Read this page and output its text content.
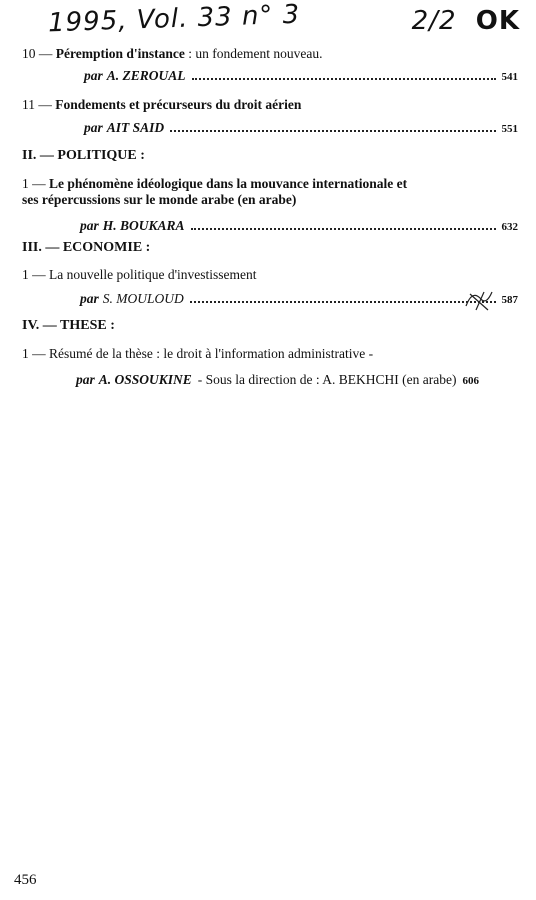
1995, Vol. 33 n° 3	2/2 OK
10 — Péremption d'instance : un fondement nouveau.
par A. ZEROUAL	541
11 — Fondements et précurseurs du droit aérien
par AIT SAID	551
II. — POLITIQUE :
1 — Le phénomène idéologique dans la mouvance internationale et
ses répercussions sur le monde arabe (en arabe)
par H. BOUKARA	632
III. — ECONOMIE :
1 — La nouvelle politique d'investissement
par S. MOULOUD	587
IV. — THESE :
1 — Résumé de la thèse : le droit à l'information administrative -
par A. OSSOUKINE - Sous la direction de : A. BEKHCHI (en arabe) 606
456
